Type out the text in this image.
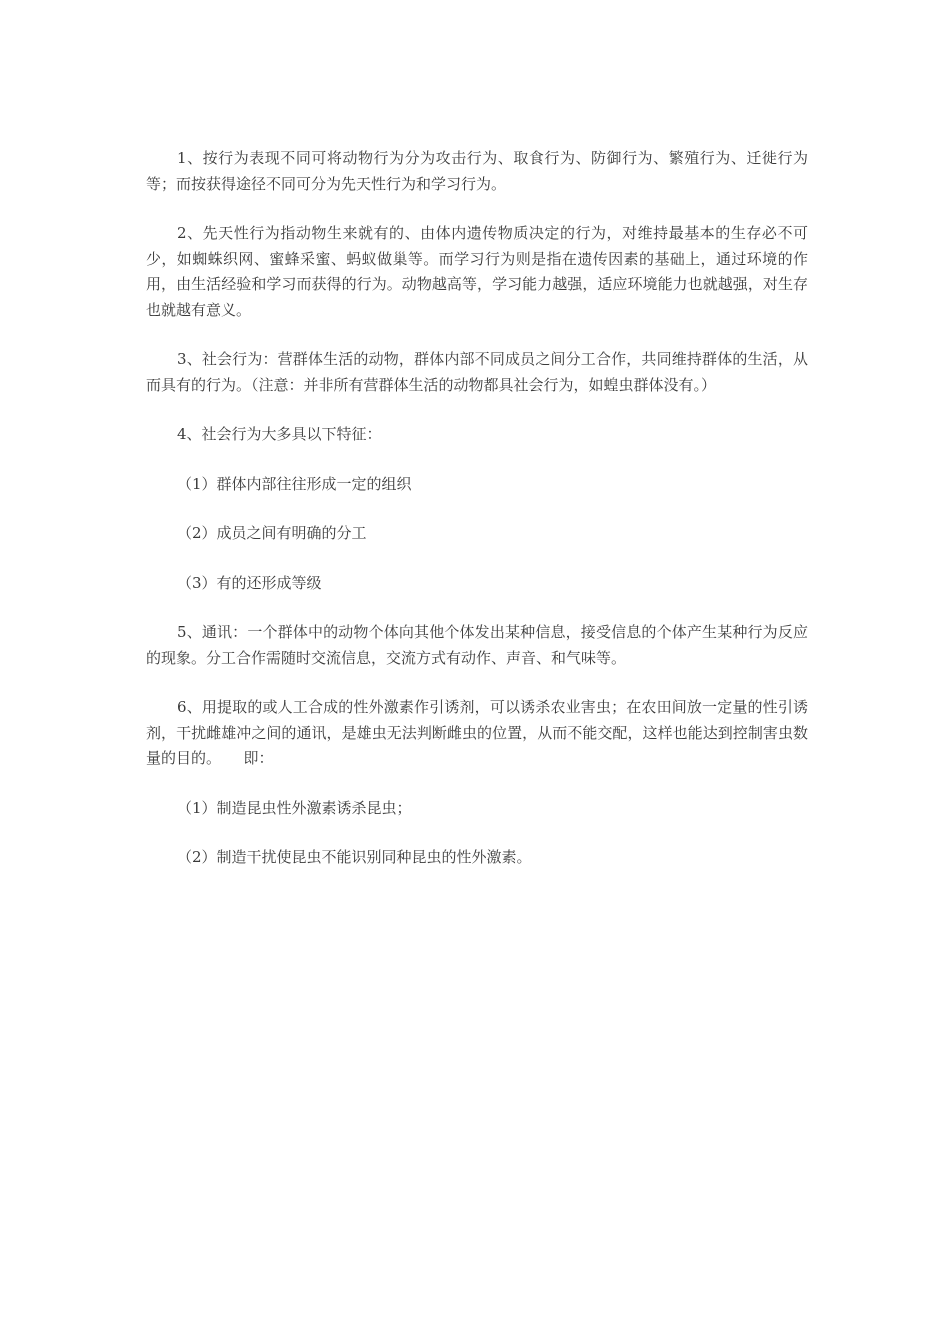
1、按行为表现不同可将动物行为分为攻击行为、取食行为、防御行为、繁殖行为、迁徙行为等；而按获得途径不同可分为先天性行为和学习行为。

2、先天性行为指动物生来就有的、由体内遗传物质决定的行为，对维持最基本的生存必不可少，如蜘蛛织网、蜜蜂采蜜、蚂蚁做巢等。而学习行为则是指在遗传因素的基础上，通过环境的作用，由生活经验和学习而获得的行为。动物越高等，学习能力越强，适应环境能力也就越强，对生存也就越有意义。

3、社会行为：营群体生活的动物，群体内部不同成员之间分工合作，共同维持群体的生活，从而具有的行为。（注意：并非所有营群体生活的动物都具社会行为，如蝗虫群体没有。）

4、社会行为大多具以下特征：

（1）群体内部往往形成一定的组织

（2）成员之间有明确的分工

（3）有的还形成等级

5、通讯：一个群体中的动物个体向其他个体发出某种信息，接受信息的个体产生某种行为反应的现象。分工合作需随时交流信息，交流方式有动作、声音、和气味等。

6、用提取的或人工合成的性外激素作引诱剂，可以诱杀农业害虫；在农田间放一定量的性引诱剂，干扰雌雄冲之间的通讯，是雄虫无法判断雌虫的位置，从而不能交配，这样也能达到控制害虫数量的目的。　　即：

（1）制造昆虫性外激素诱杀昆虫；

（2）制造干扰使昆虫不能识别同种昆虫的性外激素。
